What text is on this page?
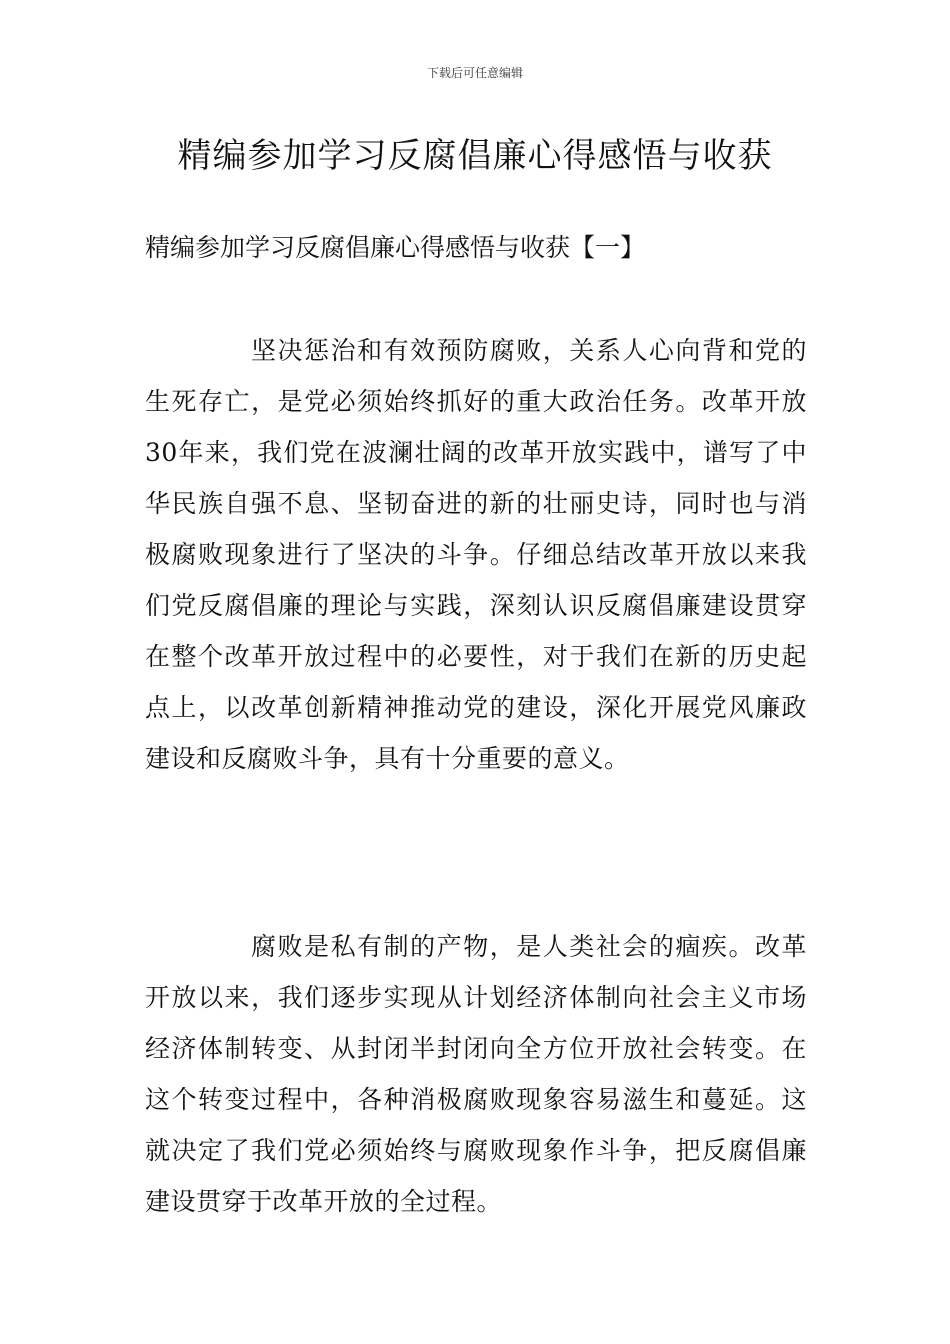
下载后可任意编辑
精编参加学习反腐倡廉心得感悟与收获
精编参加学习反腐倡廉心得感悟与收获【一】

坚决惩治和有效预防腐败，关系人心向背和党的生死存亡，是党必须始终抓好的重大政治任务。改革开放30年来，我们党在波澜壮阔的改革开放实践中，谱写了中华民族自强不息、坚韧奋进的新的壮丽史诗，同时也与消极腐败现象进行了坚决的斗争。仔细总结改革开放以来我们党反腐倡廉的理论与实践，深刻认识反腐倡廉建设贯穿在整个改革开放过程中的必要性，对于我们在新的历史起点上，以改革创新精神推动党的建设，深化开展党风廉政建设和反腐败斗争，具有十分重要的意义。

腐败是私有制的产物，是人类社会的痼疾。改革开放以来，我们逐步实现从计划经济体制向社会主义市场经济体制转变、从封闭半封闭向全方位开放社会转变。在这个转变过程中，各种消极腐败现象容易滋生和蔓延。这就决定了我们党必须始终与腐败现象作斗争，把反腐倡廉建设贯穿于改革开放的全过程。
